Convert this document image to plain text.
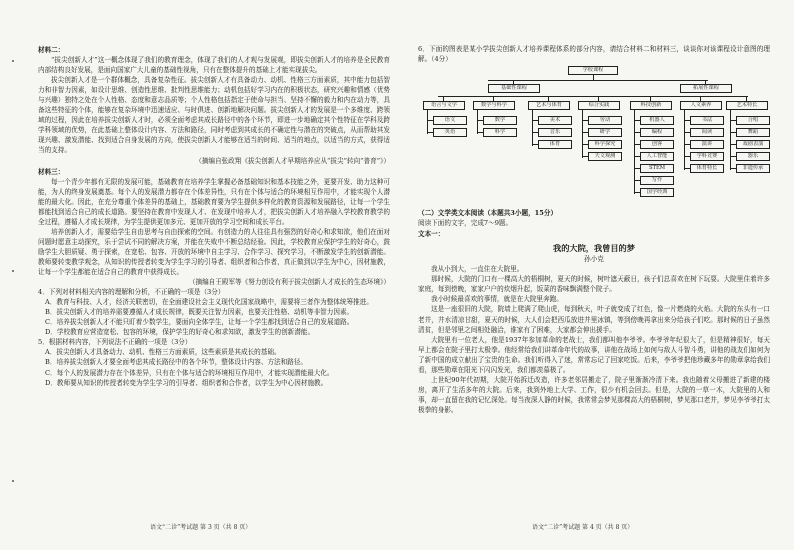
材料二：

“拔尖创新人才”这一概念体现了我们的教育理念，体现了我们的人才观与发展观，即拔尖创新人才的培养是全民教育内部结构良好发展，是面向国家广大儿童的基础性视角，只有在整体提升的基础上才能实现拔尖。

拔尖创新人才是一个群体概念，具备复杂性征。拔尖创新人才有具备动力、动机、性格三方面素质，其中能力包括智力和非智力因素，如设计思维、创造性思维、批判性思维能力；动机包括好学习内在的积极状态，研究兴趣和情感（优势与兴趣）独特之处在个人性格、态度和意志品质等；个人性格包括指定于使命与担当、坚持不懈的毅力和内在动力等，具备这些特征的个体，能够在复杂环境中迅速适应、与时俱进、创新地解决问题。拔尖创新人才的发展是一个多维度、跨领域的过程，因此在培养拔尖创新人才时，必须全面考虑其成长路径中的各个环节，即进一步地确定其个性特征在学科及跨学科领域的优势，在此基础上整体设计内容、方法和路径，同时考虑到其成长的不确定性与潜在的突破点，从而帮助其发现兴趣、激发潜能、找到适合自身发展的方向，使拔尖创新人才能够在适当的时间、适当的地点，以适当的方式，获得适当的支持。

（摘编自张政翔《拔尖创新人才早期培养应从“拔尖”转向“普育”》）

材料三：

每一个青少年都有无限的发展可能，基础教育在培养学生掌握必备基础知识和基本技能之外，更要开发、助力这种可能，为人的终身发展奠基。每个人的发展潜力都存在个体差异性，只有在个体与适合的环境相互作用中，才能实现个人潜能的最大化。因此，在充分尊重个体差异的基础上，基础教育要为学生提供多样化的教育资源和发展路径，让每一个学生都能找到适合自己的成长道路。要坚持在教育中发现人才、在发现中培养人才，把拔尖创新人才培养融入学校教育教学的全过程，遵循人才成长规律，为学生提供更加多元、更加开放的学习空间和成长平台。

培养创新人才，需要给学生自由思考与自由探索的空间。有创造力的人往往具有强烈的好奇心和求知欲，他们在面对问题时愿意主动探究，乐于尝试不同的解决方案，并能在失败中不断总结经验。因此，学校教育应保护学生的好奇心，鼓励学生大胆质疑、勇于探索，在宽松、包容、开放的环境中自主学习、合作学习、探究学习，不断激发学生的创新潜能。教师要转变教学观念，从知识的传授者转变为学生学习的引导者、组织者和合作者，真正做到以学生为中心，因材施教，让每一个学生都能在适合自己的教育中获得成长。

（摘编自王殿军等《努力创设有利于拔尖创新人才成长的生态环境》）

4．下列对材料相关内容的理解和分析，不正确的一项是（3分）

A．教育与科技、人才，经济关联密切，在全面建设社会主义现代化国家战略中，需要将三者作为整体统筹推进。

B．拔尖创新人才的培养需要遵循人才成长规律，既要关注智力因素，也要关注性格、动机等非智力因素。

C．培养拔尖创新人才不能只盯着少数学生，要面向全体学生，让每一个学生都找到适合自己的发展道路。

D．学校教育应营造宽松、包容的环境，保护学生的好奇心和求知欲，激发学生的创新潜能。

5．根据材料内容，下列说法不正确的一项是（3分）

A．拔尖创新人才具备动力、动机、性格三方面素质，这些素质是其成长的基础。

B．培养拔尖创新人才要全面考虑其成长路径中的各个环节，整体设计内容、方法和路径。

C．每个人的发展潜力存在个体差异，只有在个体与适合的环境相互作用中，才能实现潜能最大化。

D．教师要从知识的传授者转变为学生学习的引导者、组织者和合作者，以学生为中心因材施教。

语文“二诊”考试题 第 3 页（共 8 页）

6．下面的图表是某小学拔尖创新人才培养课程体系的部分内容，请结合材料二和材料三，谈谈你对该课程设计意图的理解。（4分）

学校课程
基础性课程	拓展性课程
语言与文学	数学与科学	艺术与体育	综合实践	科技创新	人文素养	艺术特长
语文
英语
数学
科学
美术
音乐
体育
劳动
研学
科学探究
天文观测
机器人
编程
创客
人工智能
STEM
写作
国学经典
书法
阅读
演讲
学科竞赛
体育特长
合唱
舞蹈
戏剧表演
器乐
非遗传承

（二）文学类文本阅读（本题共3小题，15分）

阅读下面的文字，完成7～9题。

文本一：

我的大院，我曾目的梦

孙小克

我从小到大，一直住在大院里。

那时候，大院的门口有一棵高大的梧桐树，夏天的时候，树叶遮天蔽日，孩子们总喜欢在树下玩耍。大院里住着许多家庭，每到傍晚，家家户户的炊烟升起，饭菜的香味飘满整个院子。

我小时候最喜欢的事情，就是在大院里奔跑。

这是一座很旧的大院，院墙上爬满了爬山虎，每到秋天，叶子就变成了红色，像一片燃烧的火焰。大院的东头有一口老井，井水清凉甘甜，夏天的时候，大人们会把西瓜放进井里冰镇，等到傍晚再拿出来分给孩子们吃。那时候的日子虽然清贫，但是邻里之间相处融洽，谁家有了困难，大家都会伸出援手。

大院里有一位老人，他是1937年参加革命的老战士，我们都叫他李爷爷。李爷爷年纪很大了，但是精神很好，每天早上都会在院子里打太极拳。他经常给我们讲革命年代的故事，讲他在战场上如何与敌人斗智斗勇，讲他的战友们如何为了新中国的成立献出了宝贵的生命。我们听得入了迷，常常忘记了回家吃饭。后来，李爷爷把他珍藏多年的勋章拿给我们看，那些勋章在阳光下闪闪发光，我们都羡慕极了。

上世纪90年代初期，大院开始拆迁改造，许多老邻居搬走了，院子里渐渐冷清下来。我也随着父母搬进了新建的楼房，离开了生活多年的大院。后来，我到外地上大学、工作，很少有机会回去。但是，大院的一草一木，大院里的人和事，却一直留在我的记忆深处。每当夜深人静的时候，我常常会梦见那棵高大的梧桐树，梦见那口老井，梦见李爷爷打太极拳的身影。

语文“二诊”考试题 第 4 页（共 8 页）
